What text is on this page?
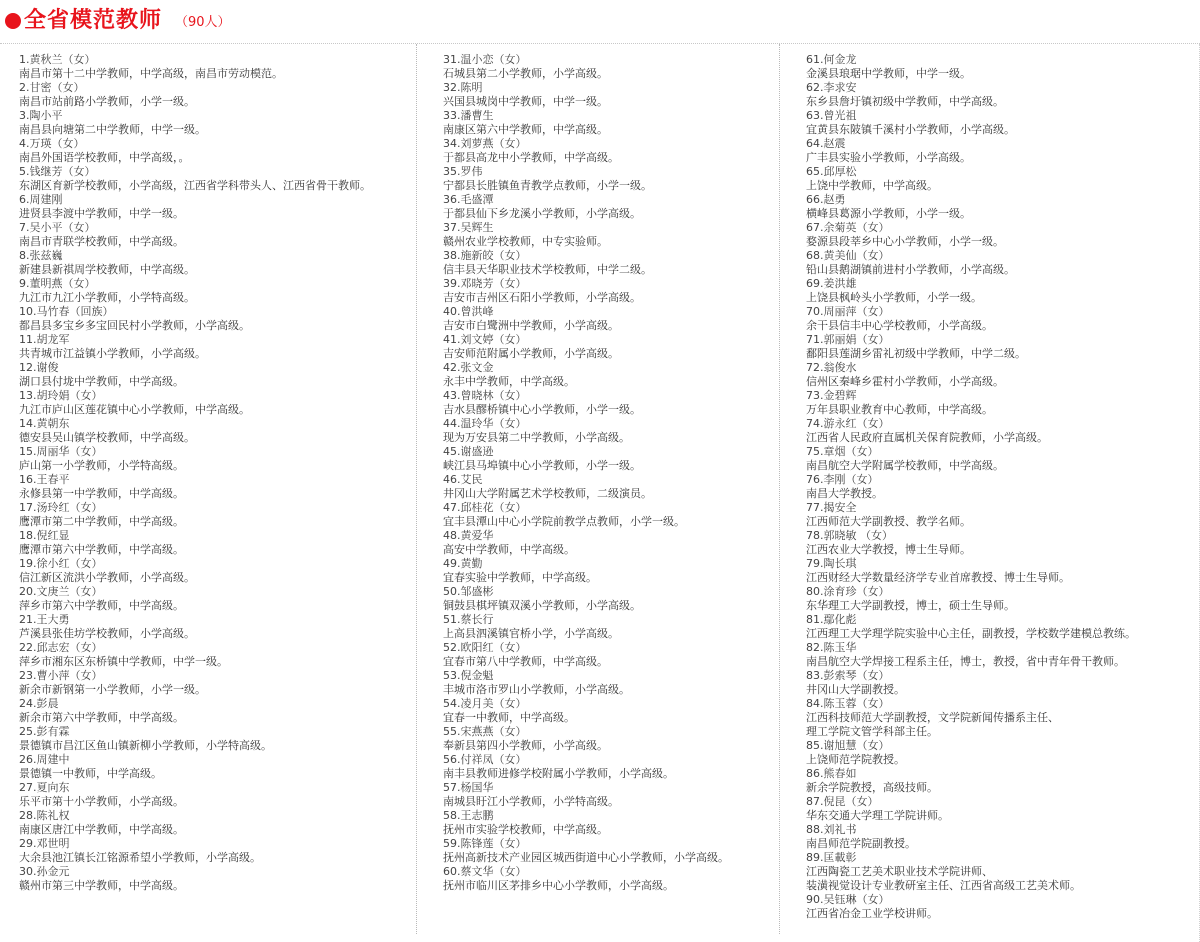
全省模范教师 （90人）
1.黄秋兰（女）
南昌市第十二中学教师，中学高级，南昌市劳动模范。
2.甘密（女）
南昌市站前路小学教师，小学一级。
3.陶小平
南昌县向塘第二中学教师，中学一级。
4.万瑛（女）
南昌外国语学校教师，中学高级，。
5.钱继芳（女）
东湖区育新学校教师，小学高级，江西省学科带头人、江西省骨干教师。
6.周建刚
进贤县李渡中学教师，中学一级。
7.吴小平（女）
南昌市青联学校教师，中学高级。
8.张兹巍
新建县新祺周学校教师，中学高级。
9.董明燕（女）
九江市九江小学教师，小学特高级。
10.马竹春（回族）
都昌县多宝乡多宝回民村小学教师，小学高级。
11.胡龙军
共青城市江益镇小学教师，小学高级。
12.谢俊
湖口县付垅中学教师，中学高级。
13.胡玲娟（女）
九江市庐山区莲花镇中心小学教师，中学高级。
14.黄朝东
德安县吴山镇学校教师，中学高级。
15.周丽华（女）
庐山第一小学教师，小学特高级。
16.王春平
永修县第一中学教师，中学高级。
17.汤玲红（女）
鹰潭市第二中学教师，中学高级。
18.倪红显
鹰潭市第六中学教师，中学高级。
19.徐小红（女）
信江新区流洪小学教师，小学高级。
20.文庚兰（女）
萍乡市第六中学教师，中学高级。
21.王大勇
芦溪县张佳坊学校教师，小学高级。
22.邱志宏（女）
萍乡市湘东区东桥镇中学教师，中学一级。
23.曹小萍（女）
新余市新钢第一小学教师，小学一级。
24.彭晨
新余市第六中学教师，中学高级。
25.彭有霖
景德镇市昌江区鱼山镇新柳小学教师，小学特高级。
26.周建中
景德镇一中教师，中学高级。
27.夏向东
乐平市第十小学教师，小学高级。
28.陈礼权
南康区唐江中学教师，中学高级。
29.邓世明
大余县池江镇长江铭源希望小学教师，小学高级。
30.孙金元
赣州市第三中学教师，中学高级。
31.温小恋（女）
石城县第二小学教师，小学高级。
32.陈明
兴国县城岗中学教师，中学一级。
33.潘曹生
南康区第六中学教师，中学高级。
34.刘萝燕（女）
于都县高龙中小学教师，中学高级。
35.罗伟
宁都县长胜镇鱼青教学点教师，小学一级。
36.毛盛潭
于都县仙下乡龙溪小学教师，小学高级。
37.吴辉生
赣州农业学校教师，中专实验师。
38.施新皎（女）
信丰县天华职业技术学校教师，中学二级。
39.邓晓芳（女）
吉安市吉州区石阳小学教师，小学高级。
40.曾洪峰
吉安市白鹭洲中学教师，小学高级。
41.刘文婷（女）
吉安师范附属小学教师，小学高级。
42.张文金
永丰中学教师，中学高级。
43.曾晓林（女）
吉水县醪桥镇中心小学教师，小学一级。
44.温玲华（女）
现为万安县第二中学教师，小学高级。
45.谢盛逊
峡江县马埠镇中心小学教师，小学一级。
46.艾民
井冈山大学附属艺术学校教师，二级演员。
47.邱桂花（女）
宜丰县潭山中心小学院前教学点教师，小学一级。
48.黄爱华
高安中学教师，中学高级。
49.黄勤
宜春实验中学教师，中学高级。
50.邹盛彬
铜鼓县棋坪镇双溪小学教师，小学高级。
51.蔡长行
上高县泗溪镇官桥小学，小学高级。
52.欧阳红（女）
宜春市第八中学教师，中学高级。
53.倪金魁
丰城市洛市罗山小学教师，小学高级。
54.凌月美（女）
宜春一中教师，中学高级。
55.宋燕燕（女）
奉新县第四小学教师，小学高级。
56.付祥凤（女）
南丰县教师进修学校附属小学教师，小学高级。
57.杨国华
南城县盱江小学教师，小学特高级。
58.王志鹏
抚州市实验学校教师，中学高级。
59.陈锋莲（女）
抚州高新技术产业园区城西街道中心小学教师，小学高级。
60.蔡文华（女）
抚州市临川区茅排乡中心小学教师，小学高级。
61.何金龙
金溪县琅琚中学教师，中学一级。
62.李求安
东乡县詹圩镇初级中学教师，中学高级。
63.曾光祖
宜黄县东陂镇千溪村小学教师，小学高级。
64.赵震
广丰县实验小学教师，小学高级。
65.邱厚松
上饶中学教师，中学高级。
66.赵勇
横峰县葛源小学教师，小学一级。
67.余菊英（女）
婺源县段莘乡中心小学教师，小学一级。
68.黄美仙（女）
铅山县鹅湖镇前进村小学教师，小学高级。
69.姜洪雄
上饶县枫岭头小学教师，小学一级。
70.周丽萍（女）
余干县信丰中心学校教师，小学高级。
71.郭丽娟（女）
鄱阳县莲湖乡雷礼初级中学教师，中学二级。
72.翁俊水
信州区秦峰乡霍村小学教师，小学高级。
73.金碧辉
万年县职业教育中心教师，中学高级。
74.游永红（女）
江西省人民政府直属机关保育院教师，小学高级。
75.章烟（女）
南昌航空大学附属学校教师，中学高级。
76.李刚（女）
南昌大学教授。
77.揭安全
江西师范大学副教授、教学名师。
78.郭晓敏 （女）
江西农业大学教授，博士生导师。
79.陶长琪
江西财经大学数量经济学专业首席教授、博士生导师。
80.涂育珍（女）
东华理工大学副教授，博士，硕士生导师。
81.鄢化彪
江西理工大学理学院实验中心主任，副教授，学校数学建模总教练。
82.陈玉华
南昌航空大学焊接工程系主任，博士，教授，省中青年骨干教师。
83.彭索琴（女）
井冈山大学副教授。
84.陈玉蓉（女）
江西科技师范大学副教授，文学院新闻传播系主任、
理工学院文管学科部主任。
85.谢旭慧（女）
上饶师范学院教授。
86.熊春如
新余学院教授，高级技师。
87.倪昆（女）
华东交通大学理工学院讲师。
88.刘礼书
南昌师范学院副教授。
89.匡載彰
江西陶瓷工艺美术职业技术学院讲师、
装潢视觉设计专业教研室主任、江西省高级工艺美术师。
90.吴钰琳（女）
江西省冶金工业学校讲师。
